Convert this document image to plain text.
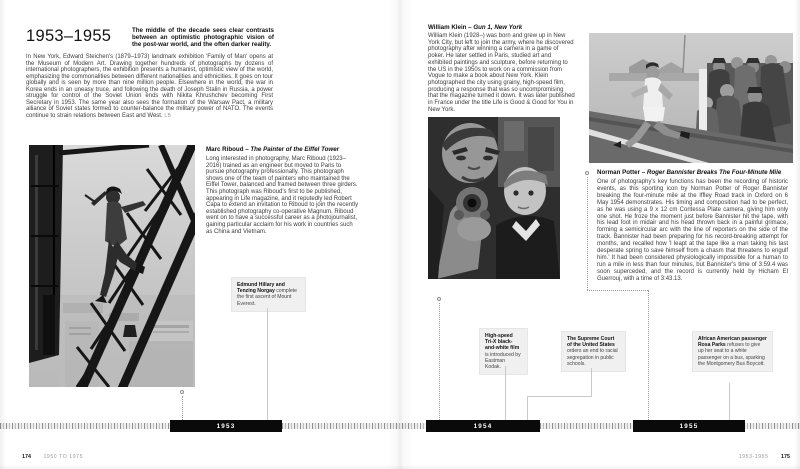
1953–1955	The middle of the decade sees clear contrasts between an optimistic photographic vision of the post-war world, and the often darker reality.
In New York, Edward Steichen's (1879–1973) landmark exhibition 'Family of Man' opens at the Museum of Modern Art. Drawing together hundreds of photographs by dozens of international photographers, the exhibition presents a humanist, optimistic view of the world, emphasizing the commonalities between different nationalities and ethnicities. It goes on tour globally and is seen by more than nine million people. Elsewhere in the world, the war in Korea ends in an uneasy truce, and following the death of Joseph Stalin in Russia, a power struggle for control of the Soviet Union ends with Nikita Khrushchev becoming First Secretary in 1953. The same year also sees the formation of the Warsaw Pact, a military alliance of Soviet states formed to counter-balance the military power of NATO. The events continue to strain relations between East and West. LB
Marc Riboud – The Painter of the Eiffel Tower
Long interested in photography, Marc Riboud (1923–2016) trained as an engineer but moved to Paris to pursue photography professionally. This photograph shows one of the team of painters who maintained the Eiffel Tower, balanced and framed between three girders. This photograph was Riboud's first to be published, appearing in Life magazine, and it reputedly led Robert Capa to extend an invitation to Riboud to join the recently established photography co-operative Magnum. Riboud went on to have a successful career as a photojournalist, gaining particular acclaim for his work in countries such as China and Vietnam.
Edmund Hillary and Tenzing Norgay complete the first ascent of Mount Everest.
William Klein – Gun 1, New York
William Klein (1928–) was born and grew up in New York City, but left to join the army, where he discovered photography after winning a camera in a game of poker. He later settled in Paris, studied art and exhibited paintings and sculpture, before returning to the US in the 1950s to work on a commission from Vogue to make a book about New York. Klein photographed the city using grainy, high-speed film, producing a response that was so uncompromising that the magazine turned it down. It was later published in France under the title Life is Good & Good for You in New York.
Norman Potter – Roger Bannister Breaks The Four-Minute Mile
One of photography's key functions has been the recording of historic events, as this sporting icon by Norman Potter of Roger Bannister breaking the four-minute mile at the Iffley Road track in Oxford on 6 May 1954 demonstrates. His timing and composition had to be perfect, as he was using a 9 x 12 cm Contessa Plate camera, giving him only one shot. He froze the moment just before Bannister hit the tape, with his lead foot in midair and his head thrown back in a painful grimace, forming a semicircular arc with the line of reporters on the side of the track. Bannister had been preparing for his record-breaking attempt for months, and recalled how 'I leapt at the tape like a man taking his last desperate spring to save himself from a chasm that threatens to engulf him.' It had been considered physiologically impossible for a human to run a mile in less than four minutes, but Bannister's time of 3:59.4 was soon superceded, and the record is currently held by Hicham El Guerrouj, with a time of 3:43.13.
High-speed Tri-X black-and-white film is introduced by Eastman Kodak.
The Supreme Court of the United States orders an end to racial segregation in public schools.
African American passenger Rosa Parks refuses to give up her seat to a white passenger on a bus, sparking the Montgomery Bus Boycott.
1953	1954	1955
174 1950 TO 1975	1953-1955 175
